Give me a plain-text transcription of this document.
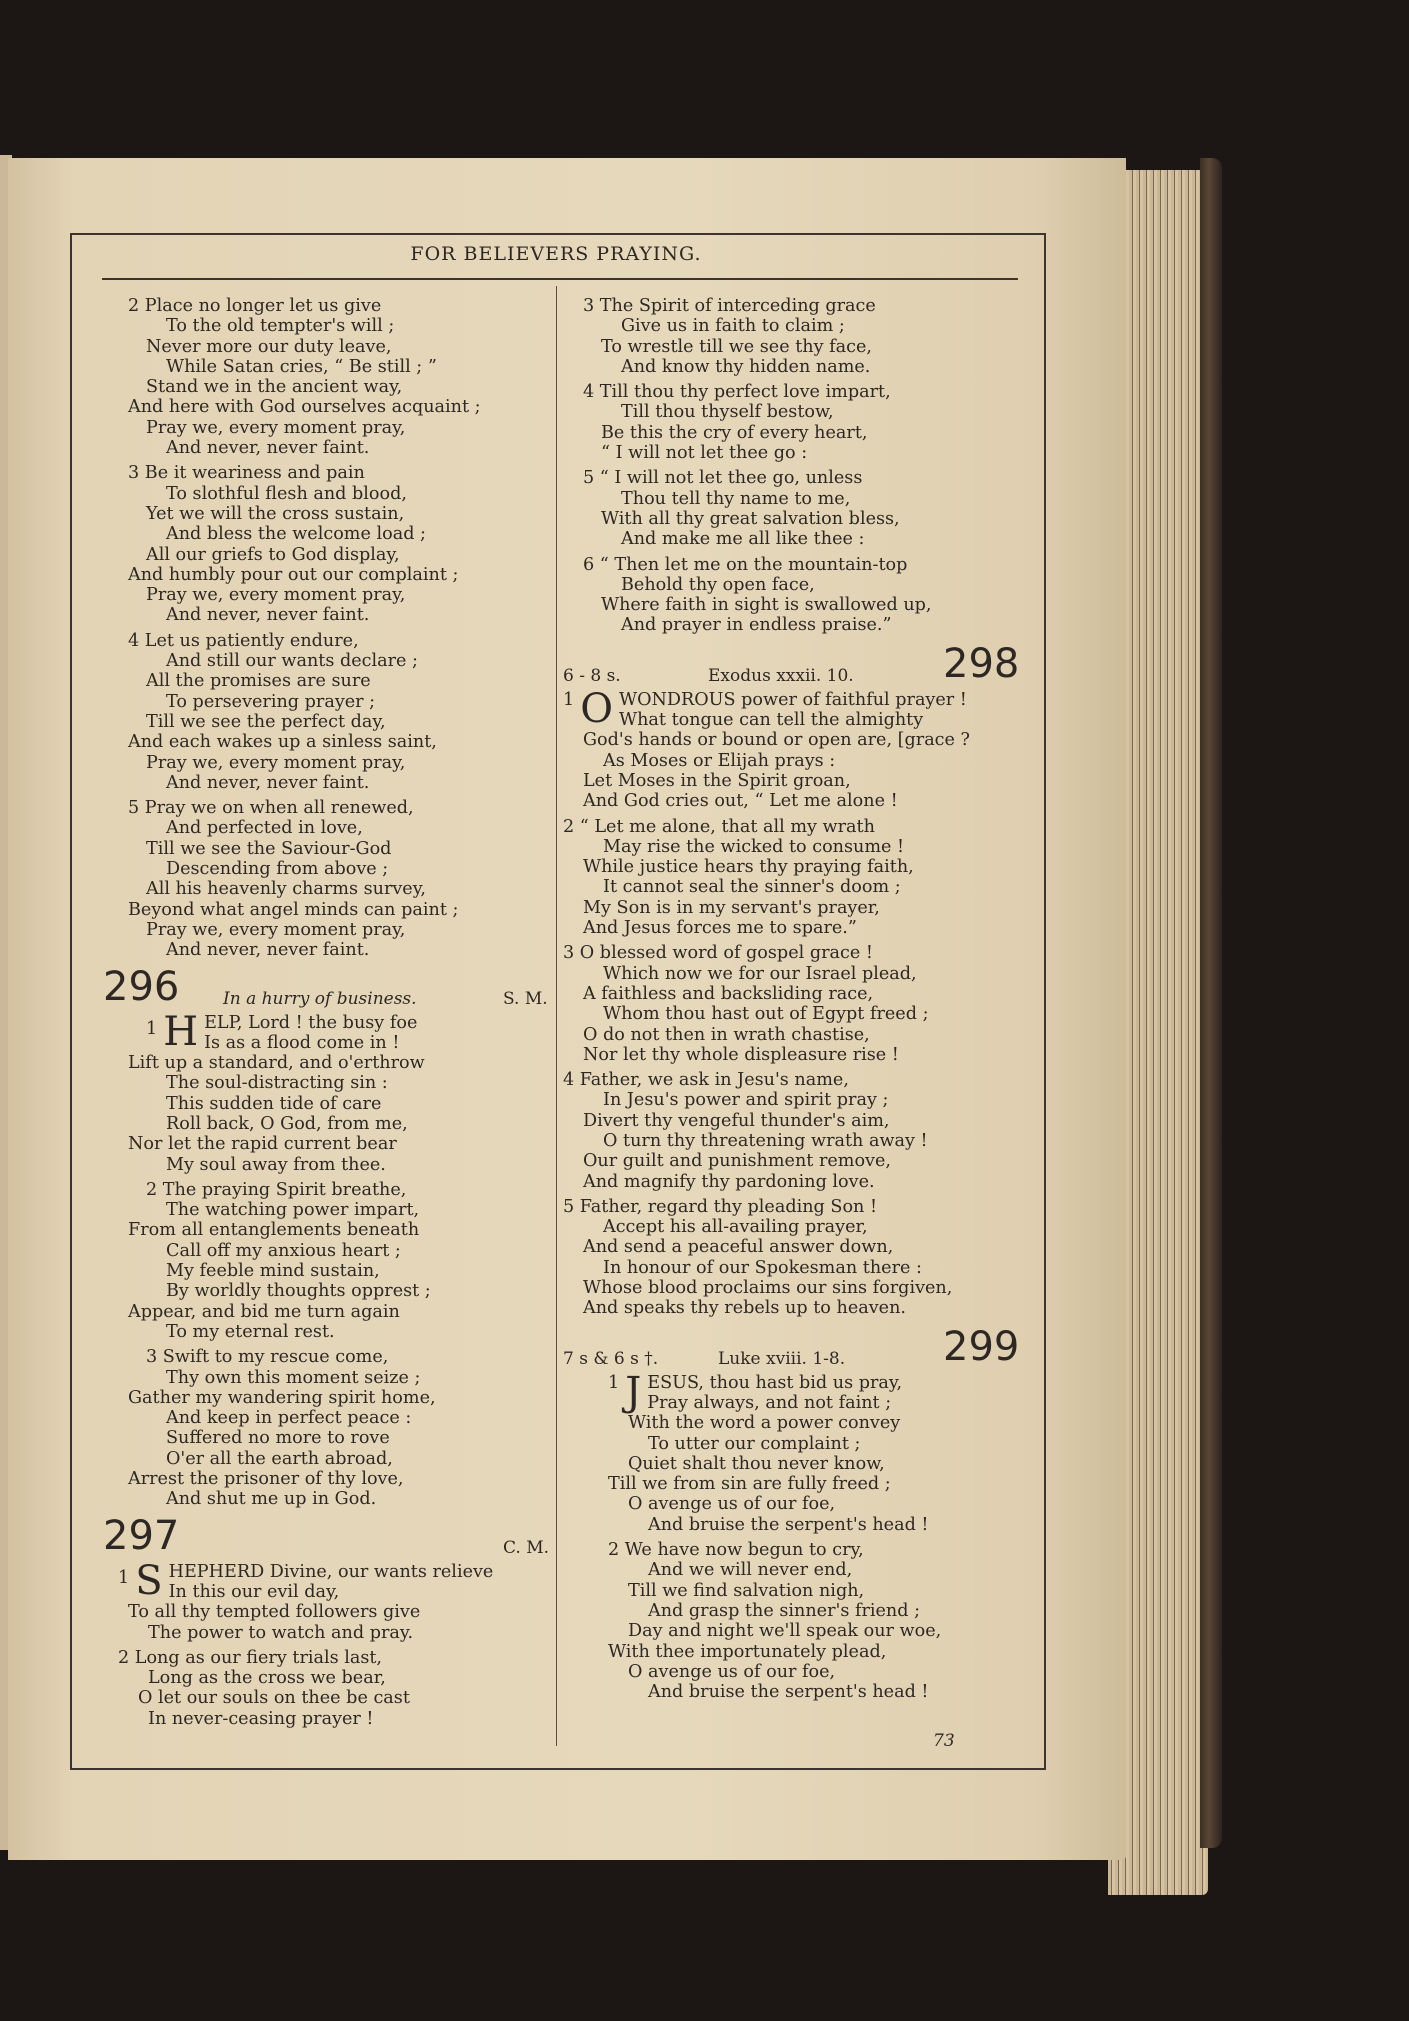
FOR BELIEVERS PRAYING.
2 Place no longer let us give
To the old tempter's will ;
Never more our duty leave,
While Satan cries, “ Be still ; ”
Stand we in the ancient way,
And here with God ourselves acquaint ;
Pray we, every moment pray,
And never, never faint.
3 Be it weariness and pain
To slothful flesh and blood,
Yet we will the cross sustain,
And bless the welcome load ;
All our griefs to God display,
And humbly pour out our complaint ;
Pray we, every moment pray,
And never, never faint.
4 Let us patiently endure,
And still our wants declare ;
All the promises are sure
To persevering prayer ;
Till we see the perfect day,
And each wakes up a sinless saint,
Pray we, every moment pray,
And never, never faint.
5 Pray we on when all renewed,
And perfected in love,
Till we see the Saviour-God
Descending from above ;
All his heavenly charms survey,
Beyond what angel minds can paint ;
Pray we, every moment pray,
And never, never faint.
296	In a hurry of business.	S. M.
1 H ELP, Lord ! the busy foe
Is as a flood come in !
Lift up a standard, and o'erthrow
The soul-distracting sin :
This sudden tide of care
Roll back, O God, from me,
Nor let the rapid current bear
My soul away from thee.
2 The praying Spirit breathe,
The watching power impart,
From all entanglements beneath
Call off my anxious heart ;
My feeble mind sustain,
By worldly thoughts opprest ;
Appear, and bid me turn again
To my eternal rest.
3 Swift to my rescue come,
Thy own this moment seize ;
Gather my wandering spirit home,
And keep in perfect peace :
Suffered no more to rove
O'er all the earth abroad,
Arrest the prisoner of thy love,
And shut me up in God.
297	C. M.
1 S HEPHERD Divine, our wants relieve
In this our evil day,
To all thy tempted followers give
The power to watch and pray.
2 Long as our fiery trials last,
Long as the cross we bear,
O let our souls on thee be cast
In never-ceasing prayer !
3 The Spirit of interceding grace
Give us in faith to claim ;
To wrestle till we see thy face,
And know thy hidden name.
4 Till thou thy perfect love impart,
Till thou thyself bestow,
Be this the cry of every heart,
“ I will not let thee go :
5 “ I will not let thee go, unless
Thou tell thy name to me,
With all thy great salvation bless,
And make me all like thee :
6 “ Then let me on the mountain-top
Behold thy open face,
Where faith in sight is swallowed up,
And prayer in endless praise.”
6 - 8 s.	Exodus xxxii. 10. 298
1 O WONDROUS power of faithful prayer !
What tongue can tell the almighty
God's hands or bound or open are, [grace ?
As Moses or Elijah prays :
Let Moses in the Spirit groan,
And God cries out, “ Let me alone !
2 “ Let me alone, that all my wrath
May rise the wicked to consume !
While justice hears thy praying faith,
It cannot seal the sinner's doom ;
My Son is in my servant's prayer,
And Jesus forces me to spare.”
3 O blessed word of gospel grace !
Which now we for our Israel plead,
A faithless and backsliding race,
Whom thou hast out of Egypt freed ;
O do not then in wrath chastise,
Nor let thy whole displeasure rise !
4 Father, we ask in Jesu's name,
In Jesu's power and spirit pray ;
Divert thy vengeful thunder's aim,
O turn thy threatening wrath away !
Our guilt and punishment remove,
And magnify thy pardoning love.
5 Father, regard thy pleading Son !
Accept his all-availing prayer,
And send a peaceful answer down,
In honour of our Spokesman there :
Whose blood proclaims our sins forgiven,
And speaks thy rebels up to heaven.
7 s & 6 s †.	Luke xviii. 1-8. 299
1 J ESUS, thou hast bid us pray,
Pray always, and not faint ;
With the word a power convey
To utter our complaint ;
Quiet shalt thou never know,
Till we from sin are fully freed ;
O avenge us of our foe,
And bruise the serpent's head !
2 We have now begun to cry,
And we will never end,
Till we find salvation nigh,
And grasp the sinner's friend ;
Day and night we'll speak our woe,
With thee importunately plead,
O avenge us of our foe,
And bruise the serpent's head !
73
